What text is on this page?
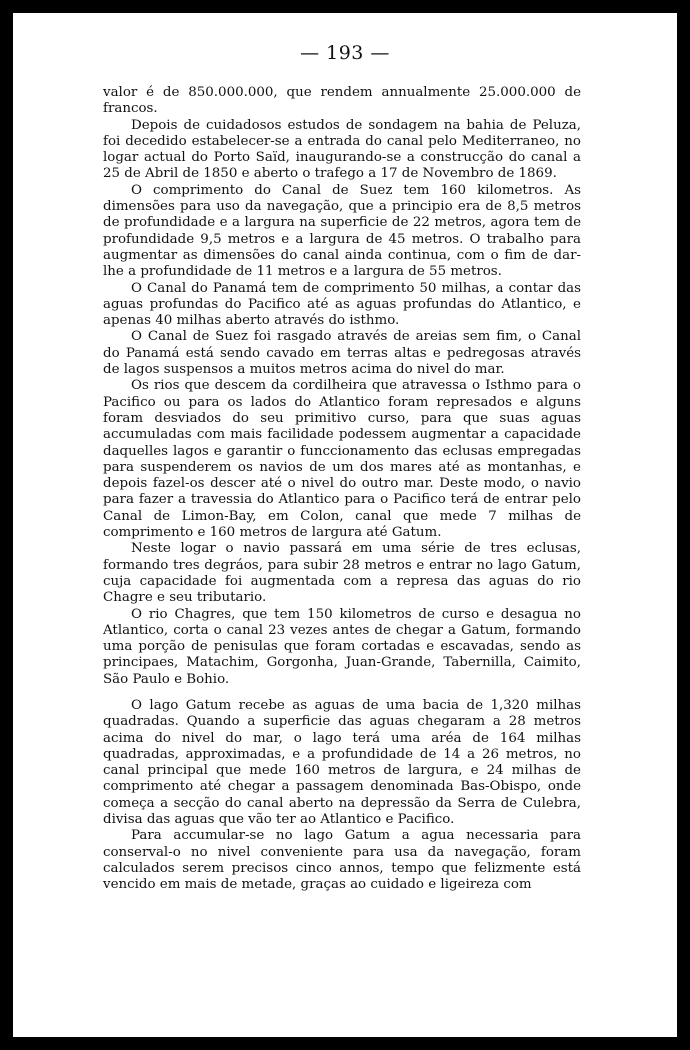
— 193 —

valor é de 850.000.000, que rendem annualmente 25.000.000 de francos.

Depois de cuidadosos estudos de sondagem na bahia de Peluza, foi decedido estabelecer-se a entrada do canal pelo Mediterraneo, no logar actual do Porto Saïd, inaugurando-se a construcção do canal a 25 de Abril de 1850 e aberto o trafego a 17 de Novembro de 1869.

O comprimento do Canal de Suez tem 160 kilometros. As dimensões para uso da navegação, que a principio era de 8,5 metros de profundidade e a largura na superficie de 22 metros, agora tem de profundidade 9,5 metros e a largura de 45 metros. O trabalho para augmentar as dimensões do canal ainda continua, com o fim de dar-lhe a profundidade de 11 metros e a largura de 55 metros.

O Canal do Panamá tem de comprimento 50 milhas, a contar das aguas profundas do Pacifico até as aguas profundas do Atlantico, e apenas 40 milhas aberto através do isthmo.

O Canal de Suez foi rasgado através de areias sem fim, o Canal do Panamá está sendo cavado em terras altas e pedregosas através de lagos suspensos a muitos metros acima do nivel do mar.

Os rios que descem da cordilheira que atravessa o Isthmo para o Pacifico ou para os lados do Atlantico foram represados e alguns foram desviados do seu primitivo curso, para que suas aguas accumuladas com mais facilidade podessem augmentar a capacidade daquelles lagos e garantir o funccionamento das eclusas empregadas para suspenderem os navios de um dos mares até as montanhas, e depois fazel-os descer até o nivel do outro mar. Deste modo, o navio para fazer a travessia do Atlantico para o Pacifico terá de entrar pelo Canal de Limon-Bay, em Colon, canal que mede 7 milhas de comprimento e 160 metros de largura até Gatum.

Neste logar o navio passará em uma série de tres eclusas, formando tres degráos, para subir 28 metros e entrar no lago Gatum, cuja capacidade foi augmentada com a represa das aguas do rio Chagre e seu tributario.

O rio Chagres, que tem 150 kilometros de curso e desagua no Atlantico, corta o canal 23 vezes antes de chegar a Gatum, formando uma porção de penisulas que foram cortadas e escavadas, sendo as principaes, Matachim, Gorgonha, Juan-Grande, Tabernilla, Caimito, São Paulo e Bohio.

O lago Gatum recebe as aguas de uma bacia de 1,320 milhas quadradas. Quando a superficie das aguas chegaram a 28 metros acima do nivel do mar, o lago terá uma aréa de 164 milhas quadradas, approximadas, e a profundidade de 14 a 26 metros, no canal principal que mede 160 metros de largura, e 24 milhas de comprimento até chegar a passagem denominada Bas-Obispo, onde começa a secção do canal aberto na depressão da Serra de Culebra, divisa das aguas que vão ter ao Atlantico e Pacifico.

Para accumular-se no lago Gatum a agua necessaria para conserval-o no nivel conveniente para usa da navegação, foram calculados serem precisos cinco annos, tempo que felizmente está vencido em mais de metade, graças ao cuidado e ligeireza com
